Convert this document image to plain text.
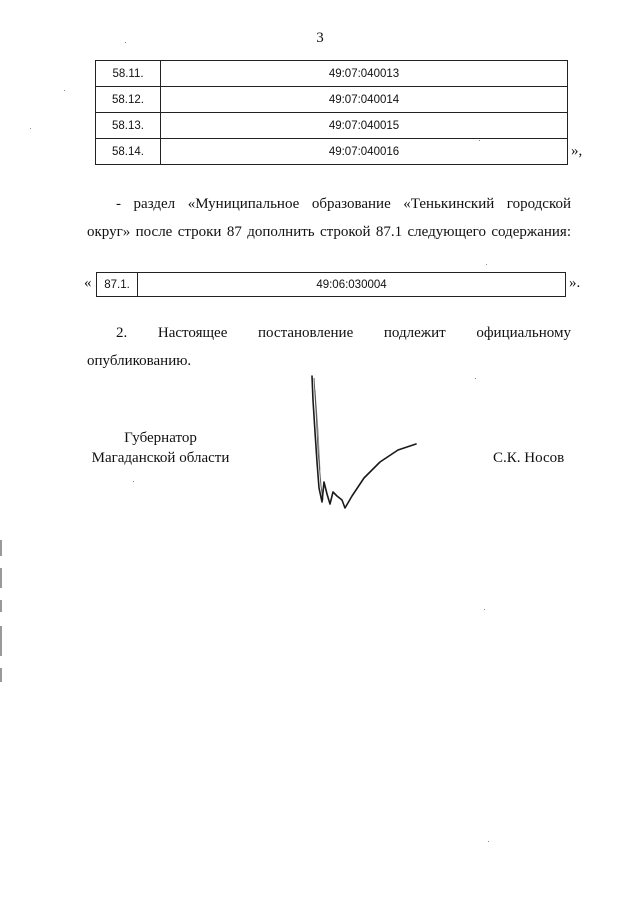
3
58.11.	49:07:040013
58.12.	49:07:040014
58.13.	49:07:040015
58.14.	49:07:040016	»,
- раздел «Муниципальное образование «Тенькинский городской
округ» после строки 87 дополнить строкой 87.1 следующего содержания:
« 87.1.	49:06:030004	».
2. Настоящее постановление подлежит официальному
опубликованию.
Губернатор
Магаданской области	С.К. Носов
